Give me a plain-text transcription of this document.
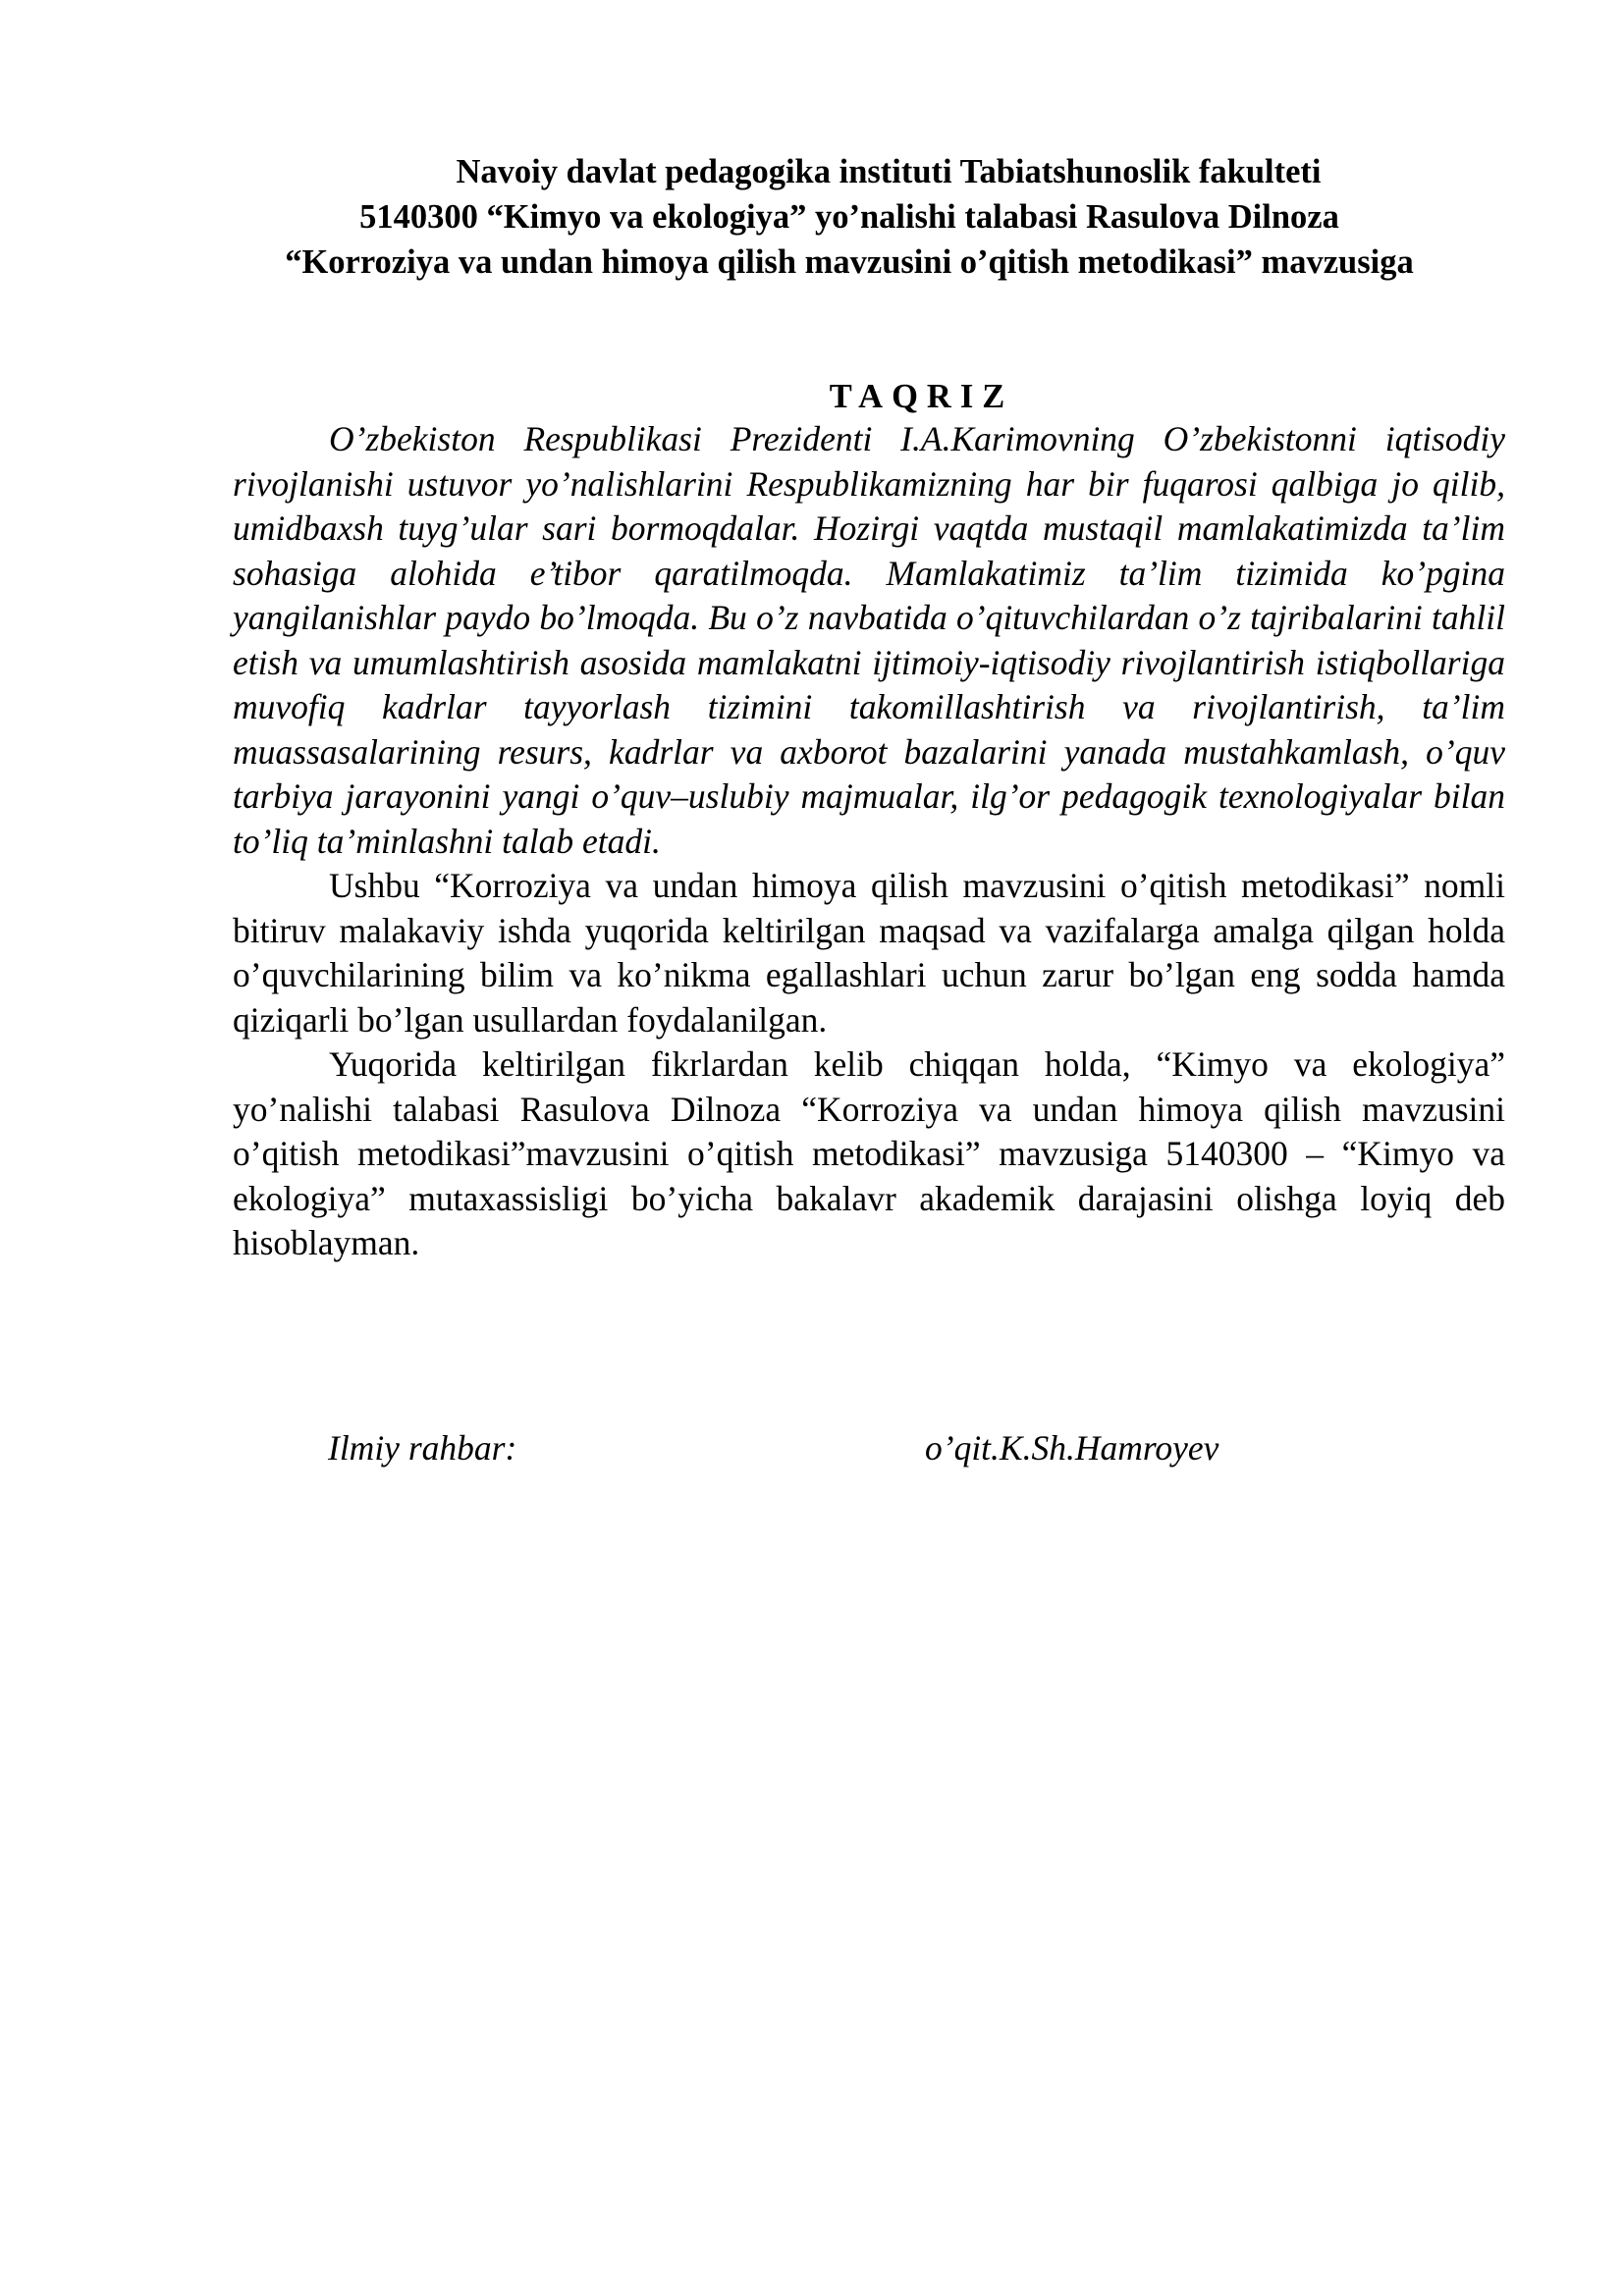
Navoiy davlat pedagogika instituti Tabiatshunoslik fakulteti
5140300 “Kimyo va ekologiya” yo’nalishi talabasi Rasulova Dilnoza
“Korroziya va undan himoya qilish mavzusini o’qitish metodikasi” mavzusiga
TAQRIZ

O’zbekiston Respublikasi Prezidenti I.A.Karimovning O’zbekistonni iqtisodiy rivojlanishi ustuvor yo’nalishlarini Respublikamizning har bir fuqarosi qalbiga jo qilib, umidbaxsh tuyg’ular sari bormoqdalar. Hozirgi vaqtda mustaqil mamlakatimizda ta’lim sohasiga alohida e’tibor qaratilmoqda. Mamlakatimiz ta’lim tizimida ko’pgina yangilanishlar paydo bo’lmoqda. Bu o’z navbatida o’qituvchilardan o’z tajribalarini tahlil etish va umumlashtirish asosida mamlakatni ijtimoiy-iqtisodiy rivojlantirish istiqbollariga muvofiq kadrlar tayyorlash tizimini takomillashtirish va rivojlantirish, ta’lim muassasalarining resurs, kadrlar va axborot bazalarini yanada mustahkamlash, o’quv tarbiya jarayonini yangi o’quv–uslubiy majmualar, ilg’or pedagogik texnologiyalar bilan to’liq ta’minlashni talab etadi.

Ushbu “Korroziya va undan himoya qilish mavzusini o’qitish metodikasi” nomli bitiruv malakaviy ishda yuqorida keltirilgan maqsad va vazifalarga amalga qilgan holda o’quvchilarining bilim va ko’nikma egallashlari uchun zarur bo’lgan eng sodda hamda qiziqarli bo’lgan usullardan foydalanilgan.

Yuqorida keltirilgan fikrlardan kelib chiqqan holda, “Kimyo va ekologiya” yo’nalishi talabasi Rasulova Dilnoza “Korroziya va undan himoya qilish mavzusini o’qitish metodikasi”mavzusini o’qitish metodikasi” mavzusiga 5140300 – “Kimyo va ekologiya” mutaxassisligi bo’yicha bakalavr akademik darajasini olishga loyiq deb hisoblayman.

Ilmiy rahbar:	o’qit.K.Sh.Hamroyev
